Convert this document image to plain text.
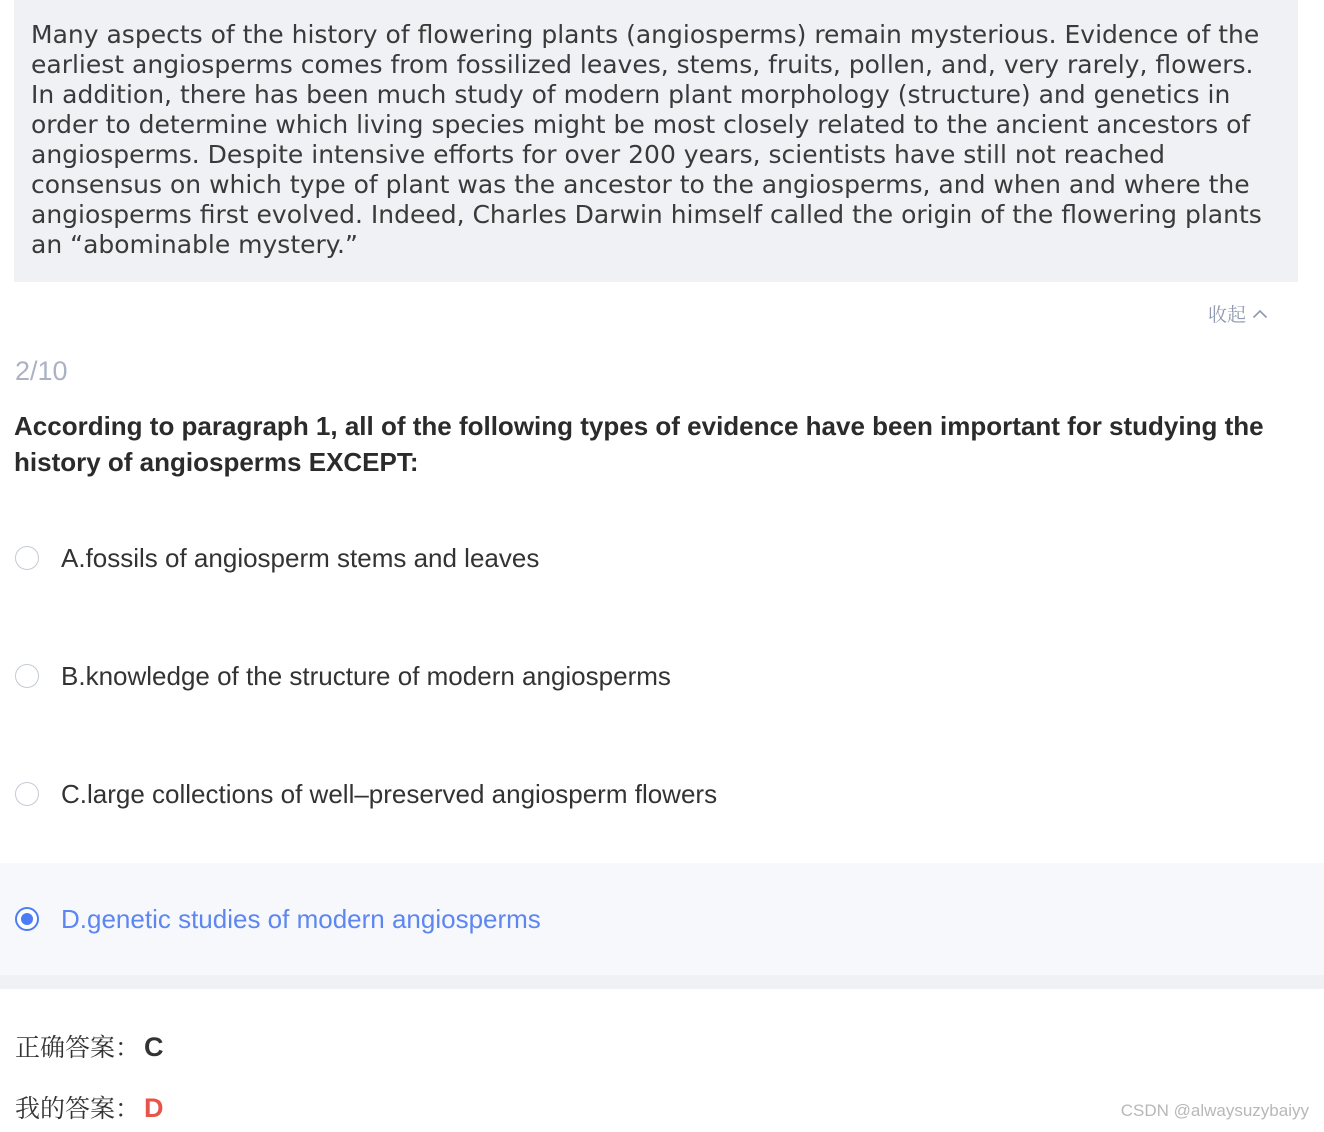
Many aspects of the history of flowering plants (angiosperms) remain mysterious. Evidence of the earliest angiosperms comes from fossilized leaves, stems, fruits, pollen, and, very rarely, flowers. In addition, there has been much study of modern plant morphology (structure) and genetics in order to determine which living species might be most closely related to the ancient ancestors of angiosperms. Despite intensive efforts for over 200 years, scientists have still not reached consensus on which type of plant was the ancestor to the angiosperms, and when and where the angiosperms first evolved. Indeed, Charles Darwin himself called the origin of the flowering plants an “abominable mystery.”
收起
2/10
According to paragraph 1, all of the following types of evidence have been important for studying the history of angiosperms EXCEPT:
A.fossils of angiosperm stems and leaves
B.knowledge of the structure of modern angiosperms
C.large collections of well–preserved angiosperm flowers
D.genetic studies of modern angiosperms
正确答案： C
我的答案： D	CSDN @alwaysuzybaiyy
